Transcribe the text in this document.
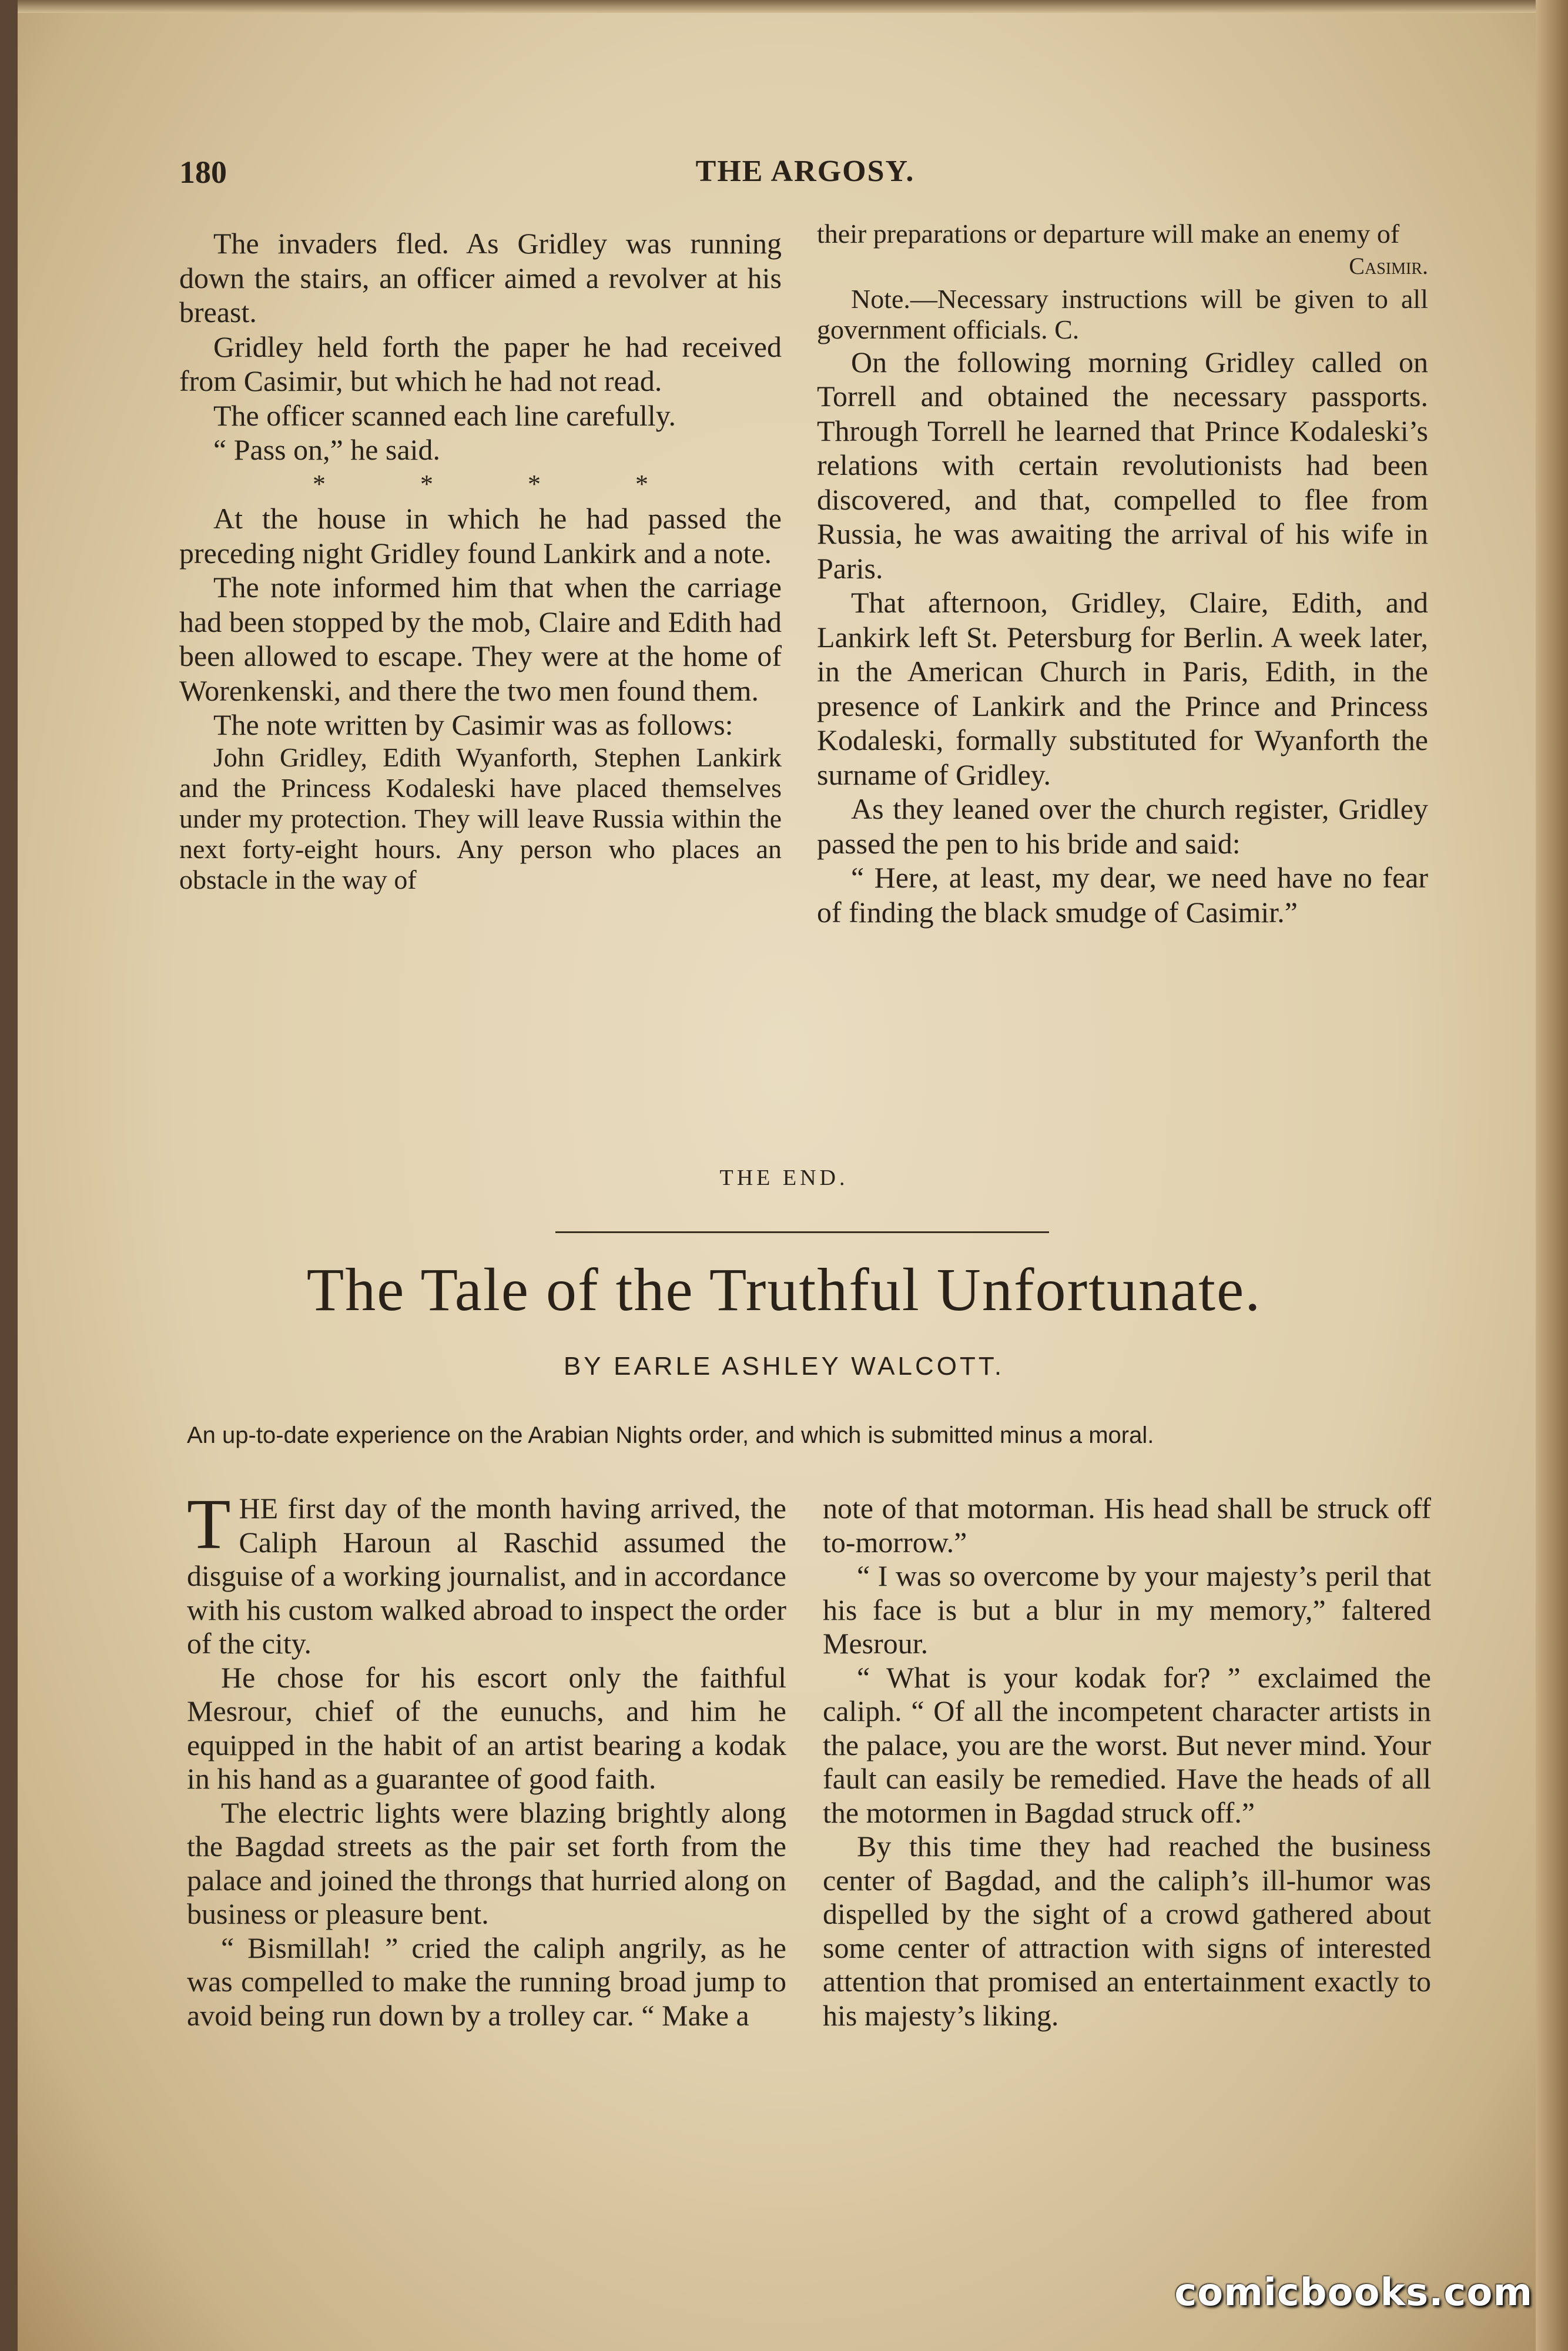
180	THE ARGOSY.

The invaders fled. As Gridley was running down the stairs, an officer aimed a revolver at his breast.

Gridley held forth the paper he had received from Casimir, but which he had not read.

The officer scanned each line carefully.

“ Pass on,” he said.

* * * *

At the house in which he had passed the preceding night Gridley found Lankirk and a note.

The note informed him that when the carriage had been stopped by the mob, Claire and Edith had been allowed to escape. They were at the home of Worenkenski, and there the two men found them.

The note written by Casimir was as follows:

John Gridley, Edith Wyanforth, Stephen Lankirk and the Princess Kodaleski have placed themselves under my protection. They will leave Russia within the next forty-eight hours. Any person who places an obstacle in the way of

their preparations or departure will make an enemy of

Casimir.

Note.—Necessary instructions will be given to all government officials. C.

On the following morning Gridley called on Torrell and obtained the necessary passports. Through Torrell he learned that Prince Kodaleski’s relations with certain revolutionists had been discovered, and that, compelled to flee from Russia, he was awaiting the arrival of his wife in Paris.

That afternoon, Gridley, Claire, Edith, and Lankirk left St. Petersburg for Berlin. A week later, in the American Church in Paris, Edith, in the presence of Lankirk and the Prince and Princess Kodaleski, formally substituted for Wyanforth the surname of Gridley.

As they leaned over the church register, Gridley passed the pen to his bride and said:

“ Here, at least, my dear, we need have no fear of finding the black smudge of Casimir.”

THE END.
The Tale of the Truthful Unfortunate.
BY EARLE ASHLEY WALCOTT.
An up-to-date experience on the Arabian Nights order, and which is submitted minus a moral.
T HE first day of the month having arrived, the Caliph Haroun al Raschid assumed the disguise of a working journalist, and in accordance with his custom walked abroad to inspect the order of the city.

He chose for his escort only the faithful Mesrour, chief of the eunuchs, and him he equipped in the habit of an artist bearing a kodak in his hand as a guarantee of good faith.

The electric lights were blazing brightly along the Bagdad streets as the pair set forth from the palace and joined the throngs that hurried along on business or pleasure bent.

“ Bismillah! ” cried the caliph angrily, as he was compelled to make the running broad jump to avoid being run down by a trolley car. “ Make a

note of that motorman. His head shall be struck off to-morrow.”

“ I was so overcome by your majesty’s peril that his face is but a blur in my memory,” faltered Mesrour.

“ What is your kodak for? ” exclaimed the caliph. “ Of all the incompetent character artists in the palace, you are the worst. But never mind. Your fault can easily be remedied. Have the heads of all the motormen in Bagdad struck off.”

By this time they had reached the business center of Bagdad, and the caliph’s ill-humor was dispelled by the sight of a crowd gathered about some center of attraction with signs of interested attention that promised an entertainment exactly to his majesty’s liking.

comicbooks.com
